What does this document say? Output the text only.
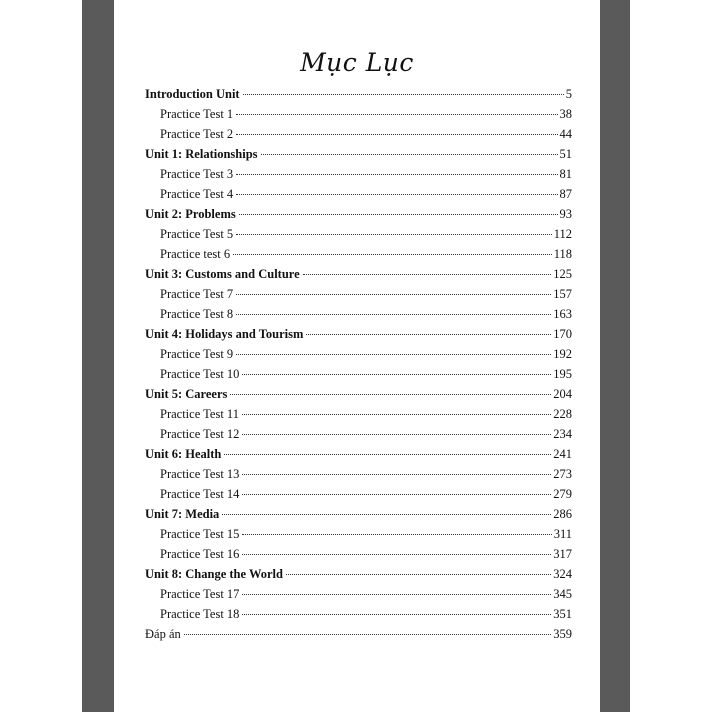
Mục Lục
Introduction Unit	5
Practice Test 1	38
Practice Test 2	44
Unit 1: Relationships	51
Practice Test 3	81
Practice Test 4	87
Unit 2: Problems	93
Practice Test 5	112
Practice test 6	118
Unit 3: Customs and Culture	125
Practice Test 7	157
Practice Test 8	163
Unit 4: Holidays and Tourism	170
Practice Test 9	192
Practice Test 10	195
Unit 5: Careers	204
Practice Test 11	228
Practice Test 12	234
Unit 6: Health	241
Practice Test 13	273
Practice Test 14	279
Unit 7: Media	286
Practice Test 15	311
Practice Test 16	317
Unit 8: Change the World	324
Practice Test 17	345
Practice Test 18	351
Đáp án	359
